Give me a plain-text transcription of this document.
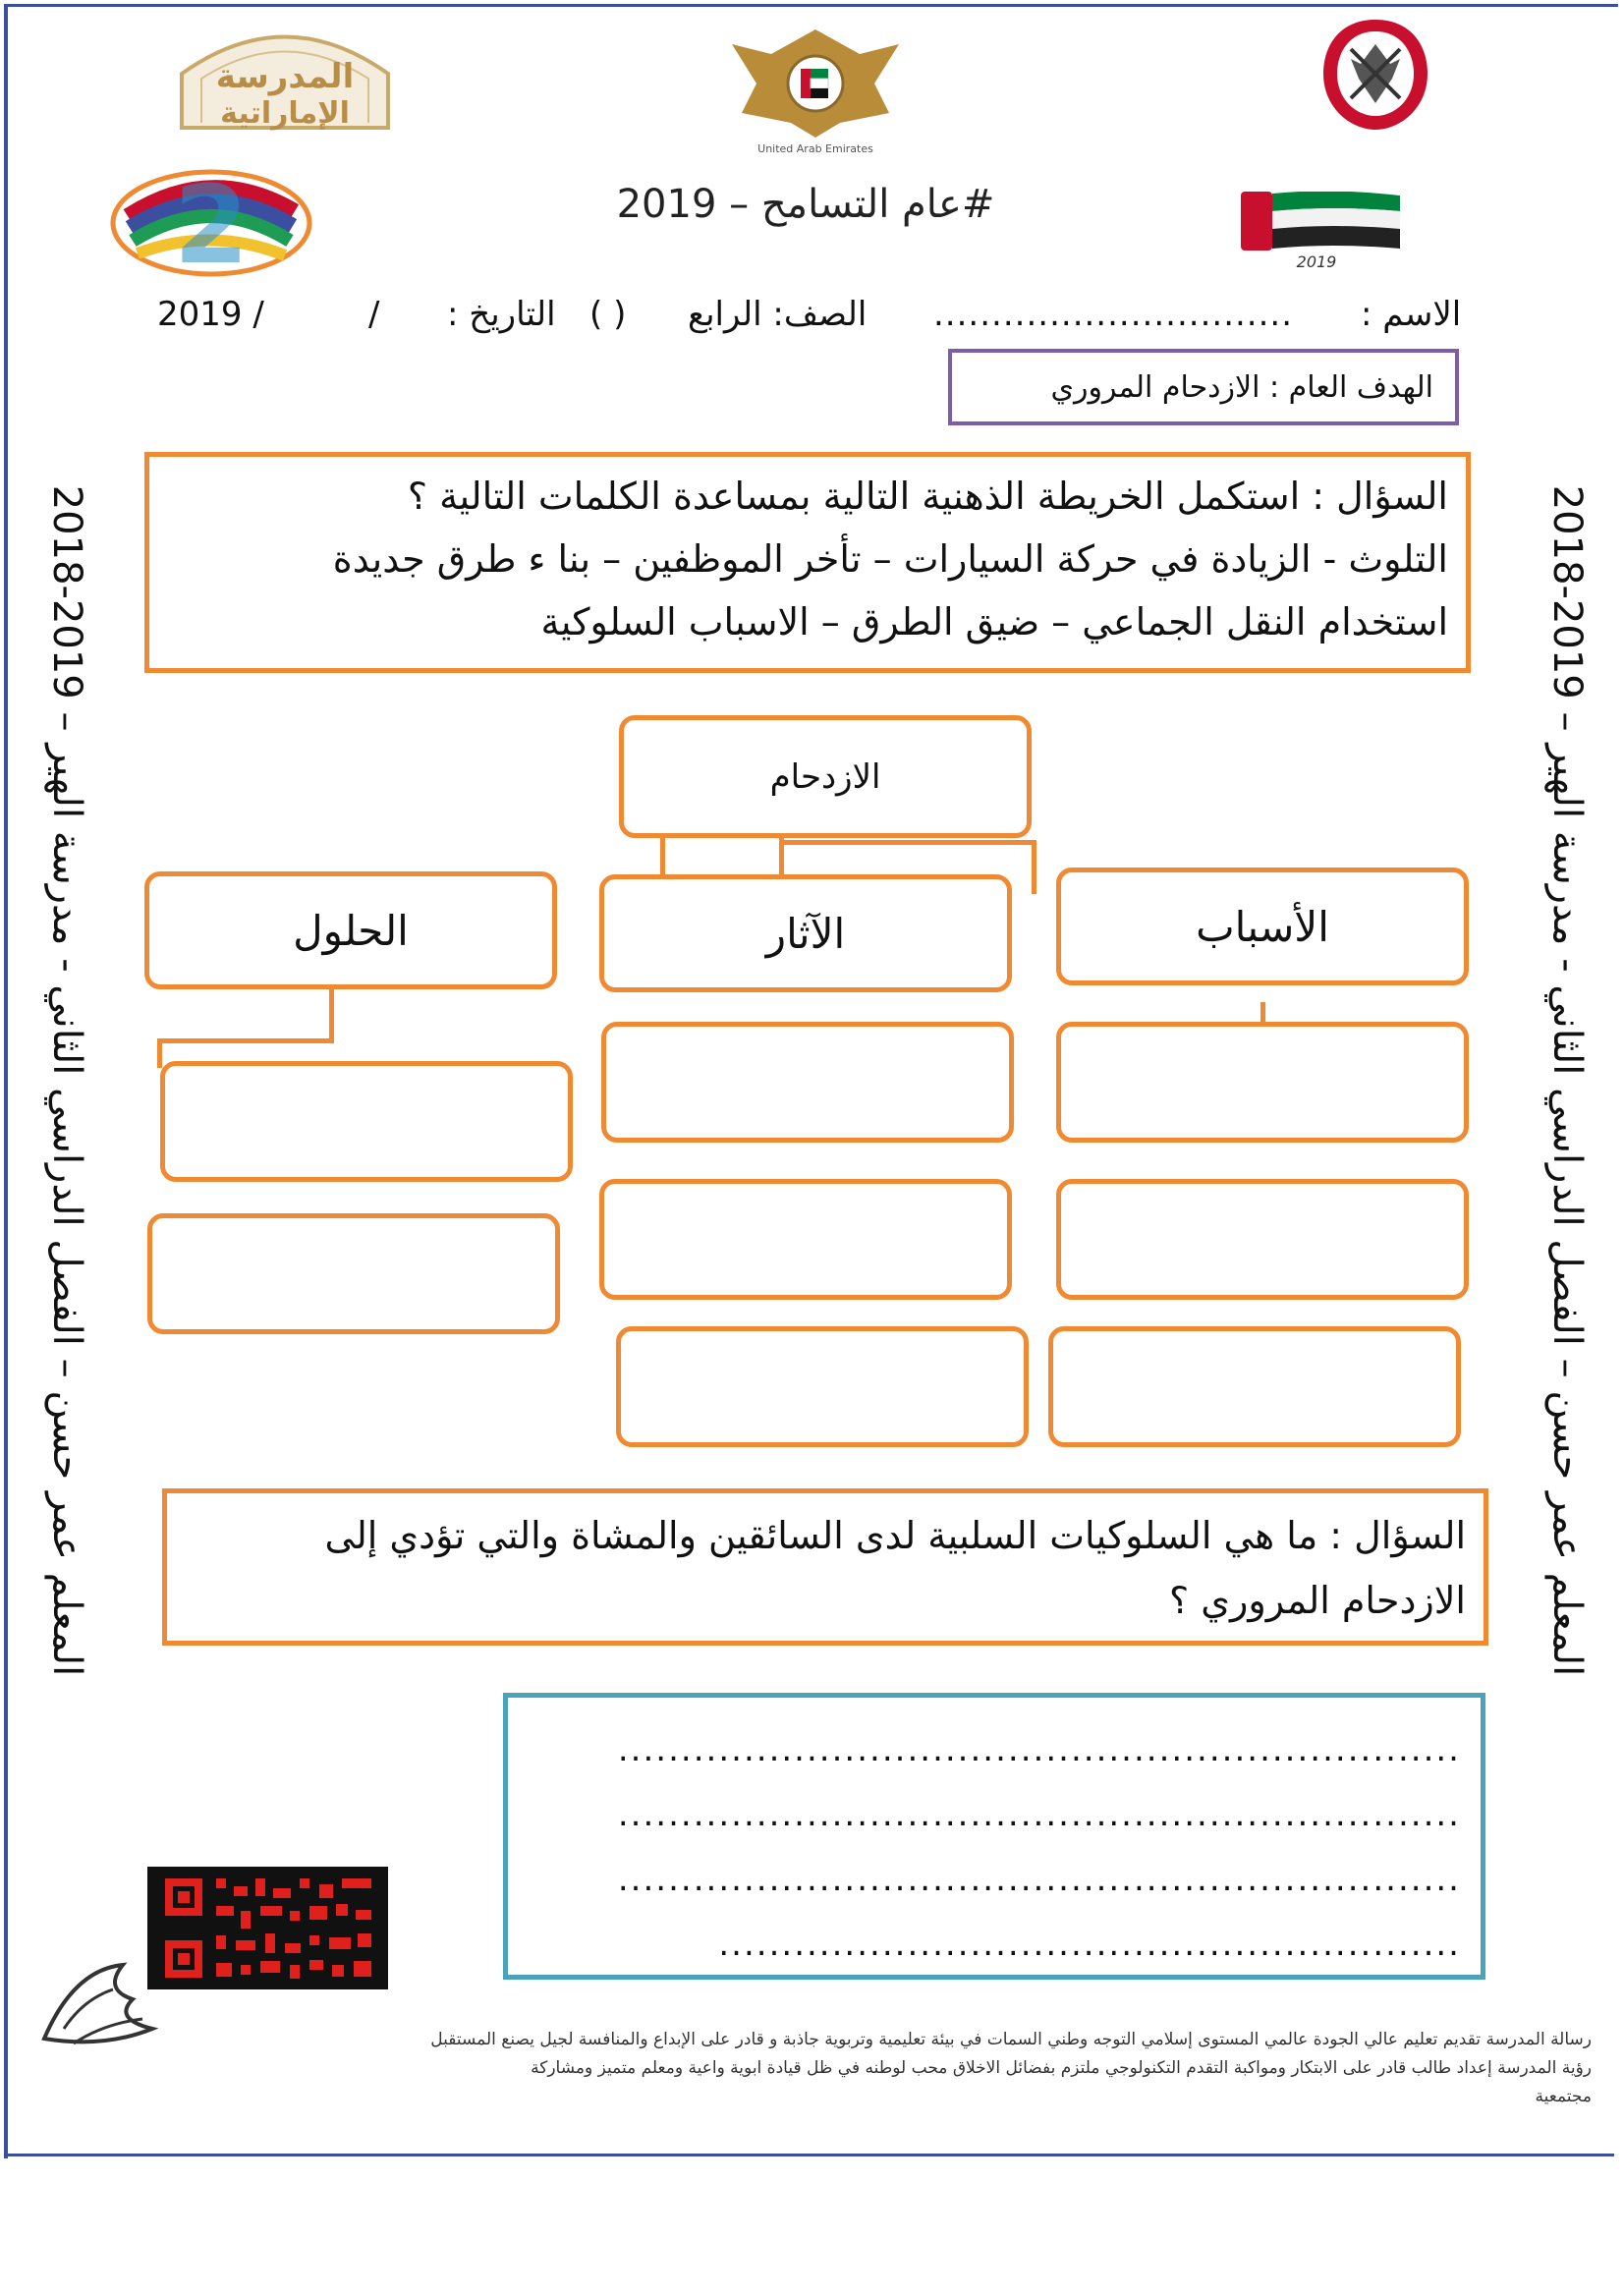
المعلم عمر حسن – الفصل الدراسي الثاني - مدرسة الهير – 2019-2018
المعلم عمر حسن – الفصل الدراسي الثاني - مدرسة الهير – 2019-2018
المدرسة
الإماراتية
United Arab Emirates
2	#عام التسامح – 2019
2019
الاسم :
...............................
الصف: الرابع
( )
التاريخ :
/
2019 /
الهدف العام : الازدحام المروري
السؤال : استكمل الخريطة الذهنية التالية بمساعدة الكلمات التالية ؟
التلوث - الزيادة في حركة السيارات – تأخر الموظفين – بنا ء طرق جديدة
استخدام النقل الجماعي – ضيق الطرق – الاسباب السلوكية
الازدحام
الحلول	الآثار	الأسباب
السؤال : ما هي السلوكيات السلبية لدى السائقين والمشاة والتي تؤدي إلى
الازدحام المروري ؟
...................................................................
...................................................................
...................................................................
...........................................................
رسالة المدرسة تقديم تعليم عالي الجودة عالمي المستوى إسلامي التوجه وطني السمات في بيئة تعليمية وتربوية جاذبة و قادر على الإبداع والمنافسة لجيل يصنع المستقبل
رؤية المدرسة إعداد طالب قادر على الابتكار ومواكبة التقدم التكنولوجي ملتزم بفضائل الاخلاق محب لوطنه في ظل قيادة ابوية واعية ومعلم متميز ومشاركة
مجتمعية
